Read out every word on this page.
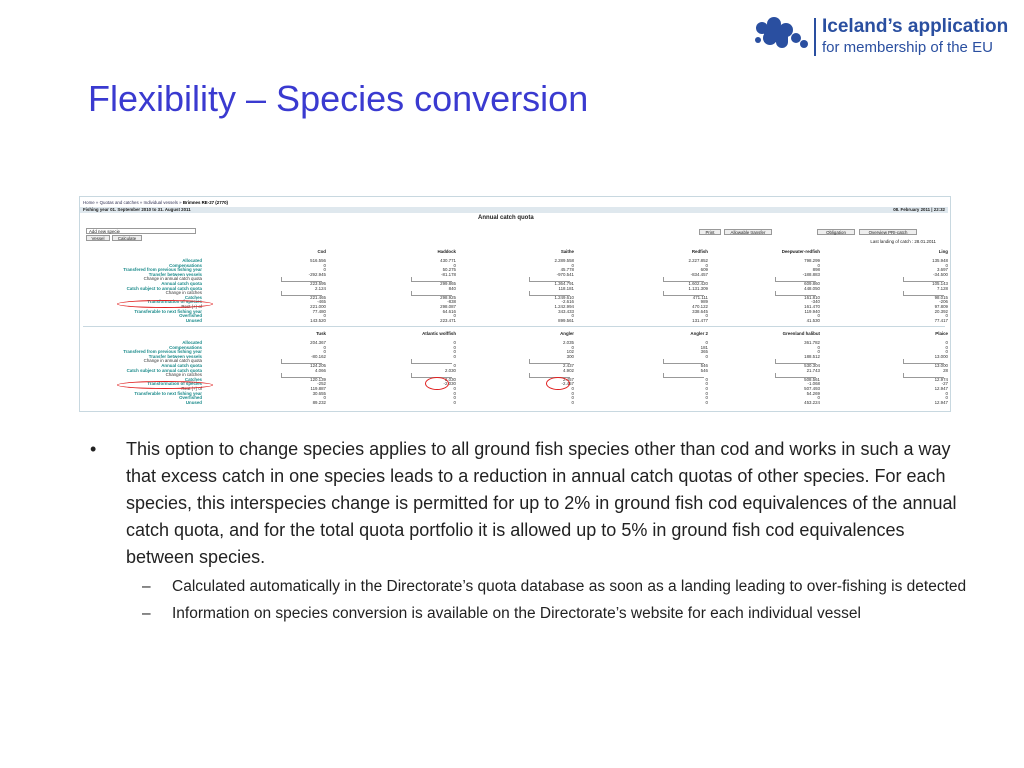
Iceland’s application
for membership of the EU
Flexibility – Species conversion
Home » Quotas and catches » Individual vessels » Brimnes RE-27 (2770)
Fishing year 01. September 2010 to 31. August 2011	08. February 2011 | 22:32
Annual catch quota
Add new specie
Vessel	Calculate
Print	Allowable transfer	Obligation	Overview PRI-catch
Cod	Haddock	Saithe	Redfish	Deepwater-redfish	Ling
Allocated	516.556	430.771	2.289.558	2.227.852	798.299	135.948
Compensations	0	0	0	0	0	0
Transfered from previous fishing year	0	50.275	45.778	609	898	3.697
Transfer between vessels	-292.945	-81.178	-970.541	-834.457	-188.883	-34.500
Change in annual catch quota
Annual catch quota	223.595	299.865	1.364.791	1.602.420	609.860	105.143
Catch subject to annual catch quota	2.124	840	118.181	1.131.309	448.050	7.128
Change in catches
Catches	221.465	298.925	1.249.610	471.111	161.810	98.015
Transformation of species	-465	-838	-2.616	989	-340	-206
Rest (+) of	221.000	298.087	1.242.994	470.122	161.470	97.809
Transferable to next fishing year	77.480	64.616	343.433	338.645	119.940	20.392
Overfished	0	0	0	0	0	0
Unused	143.520	223.471	899.561	131.477	41.530	77.417
Tusk	Atlantic wolffish	Angler	Angler 2	Greenland halibut	Plaice
Allocated	204.367	0	2.035	0	361.782	0
Compensations	0	0	0	181	0	0
Transfered from previous fishing year	0	0	102	365	0	0
Transfer between vessels	-80.162	0	300	0	188.512	13.000
Change in annual catch quota
Annual catch quota	124.205	0	2.437	546	530.304	13.000
Catch subject to annual catch quota	4.066	2.030	4.902	546	21.743	28
Change in catches
Catches	120.139	2.030	2.457	0	508.561	12.974
Transformation of species	-252	-2.030	-2.457	0	-1.068	-27
Rest (+) of	119.887	0	0	0	507.493	12.947
Transferable to next fishing year	30.655	0	0	0	54.269	0
Overfished	0	0	0	0	0	0
Unused	89.232	0	0	0	453.224	12.947
Last landing of catch : 28.01.2011

• This option to change species applies to all ground fish species other than cod and works in such a way that excess catch in one species leads to a reduction in annual catch quotas of other species. For each species, this interspecies change is permitted for up to 2% in ground fish cod equivalences of the annual catch quota, and for the total quota portfolio it is allowed up to 5% in ground fish cod equivalences between species.

– Calculated automatically in the Directorate’s quota database as soon as a landing leading to over-fishing is detected

– Information on species conversion is available on the Directorate’s website for each individual vessel
